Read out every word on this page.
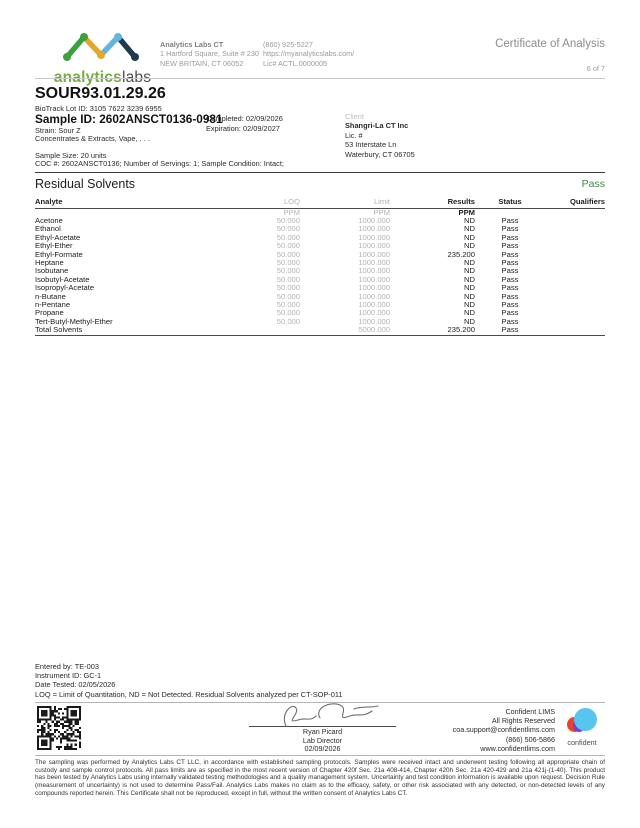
analyticslabs
Analytics Labs CT
1 Hartford Square, Suite # 230
NEW BRITAIN, CT 06052
(860) 925-5227
https://myanalyticslabs.com/
Lic# ACTL.0000005
Certificate of Analysis
6 of 7
SOUR93.01.29.26
BioTrack Lot ID: 3105 7622 3239 6955
Sample ID: 2602ANSCT0136-0981
Completed: 02/09/2026
Expiration: 02/09/2027
Strain: Sour Z
Concentrates & Extracts, Vape, . . .
Sample Size: 20 units
COC #: 2602ANSCT0136; Number of Servings: 1; Sample Condition: Intact;
Client
Shangri-La CT Inc
Lic. #
53 Interstate Ln
Waterbury, CT 06705
Residual Solvents	Pass
Analyte	LOQ	Limit	Results	Status	Qualifiers
	PPM	PPM	PPM		
Acetone	50.000	1000.000	ND	Pass	
Ethanol	50.000	1000.000	ND	Pass	
Ethyl-Acetate	50.000	1000.000	ND	Pass	
Ethyl-Ether	50.000	1000.000	ND	Pass	
Ethyl-Formate	50.000	1000.000	235.200	Pass	
Heptane	50.000	1000.000	ND	Pass	
Isobutane	50.000	1000.000	ND	Pass	
Isobutyl-Acetate	50.000	1000.000	ND	Pass	
Isopropyl-Acetate	50.000	1000.000	ND	Pass	
n-Butane	50.000	1000.000	ND	Pass	
n-Pentane	50.000	1000.000	ND	Pass	
Propane	50.000	1000.000	ND	Pass	
Tert-Butyl-Methyl-Ether	50.000	1000.000	ND	Pass	
Total Solvents		5000.000	235.200	Pass	
Entered by: TE-003
Instrument ID: GC-1
Date Tested: 02/05/2026
LOQ = Limit of Quantitation, ND = Not Detected. Residual Solvents analyzed per CT-SOP-011
Ryan Picard
Lab Director
02/09/2026
Confident LIMS
All Rights Reserved
coa.support@confidentlims.com
(866) 506-5866
www.confidentlims.com
confident
The sampling was performed by Analytics Labs CT LLC, in accordance with established sampling protocols. Samples were received intact and underwent testing following all appropriate chain of custody and sample control protocols. All pass limits are as specified in the most recent version of Chapter 420f Sec. 21a 408-414, Chapter 420h Sec. 21a 420-429 and 21a 421j-(1-40). This product has been tested by Analytics Labs using internally validated testing methodologies and a quality management system. Uncertainty and test condition information is available upon request. Decision Rule (measurement of uncertainty) is not used to determine Pass/Fail. Analytics Labs makes no claim as to the efficacy, safety, or other risk associated with any detected, or non-detected levels of any compounds reported herein. This Certificate shall not be reproduced, except in full, without the written consent of Analytics Labs CT.
